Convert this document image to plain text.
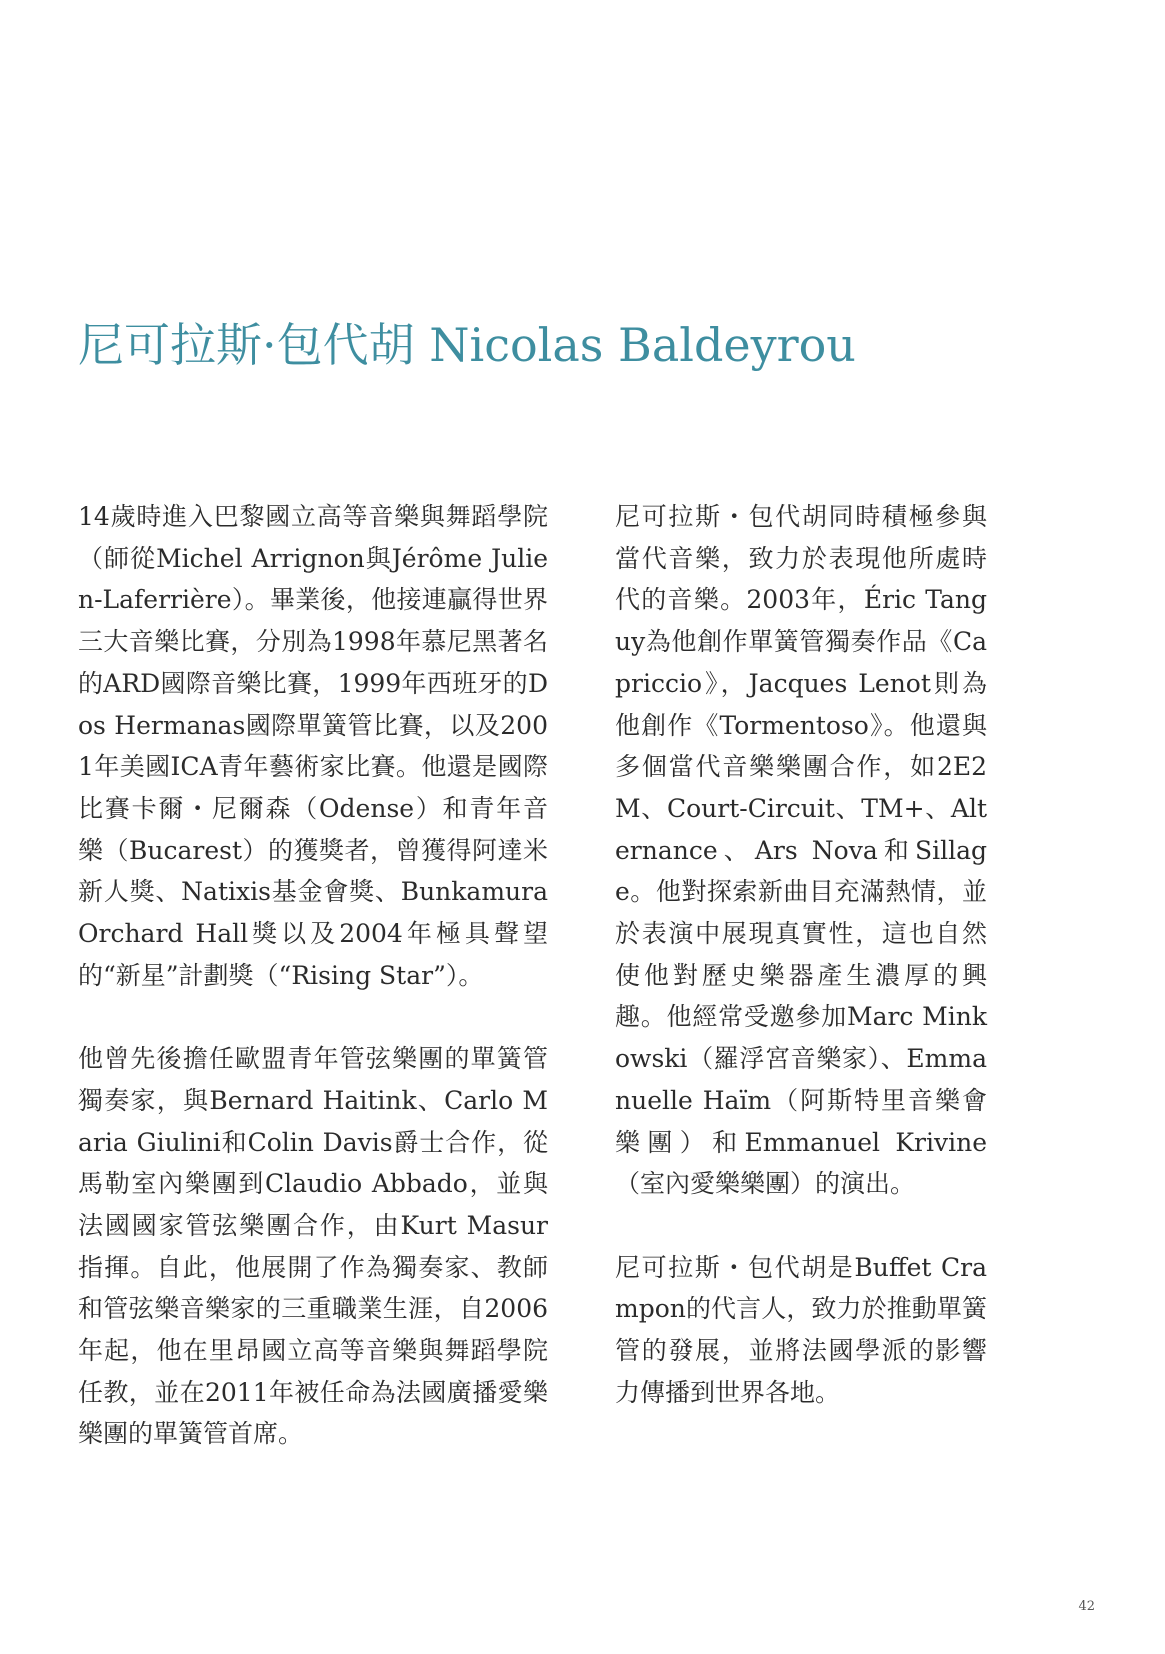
尼可拉斯·包代胡 Nicolas Baldeyrou

14歲時進入巴黎國立高等音樂與舞蹈學院（師從Michel Arrignon與Jérôme Julien-Laferrière）。畢業後，他接連贏得世界三大音樂比賽，分別為1998年慕尼黑著名的ARD國際音樂比賽，1999年西班牙的Dos Hermanas國際單簧管比賽，以及2001年美國ICA青年藝術家比賽。他還是國際比賽卡爾・尼爾森（Odense）和青年音樂（Bucarest）的獲獎者，曾獲得阿達米新人獎、Natixis基金會獎、Bunkamura Orchard Hall獎以及2004年極具聲望的“新星”計劃獎（“Rising Star”）。

他曾先後擔任歐盟青年管弦樂團的單簧管獨奏家，與Bernard Haitink、Carlo Maria Giulini和Colin Davis爵士合作，從馬勒室內樂團到Claudio Abbado，並與法國國家管弦樂團合作，由Kurt Masur指揮。自此，他展開了作為獨奏家、教師和管弦樂音樂家的三重職業生涯，自2006年起，他在里昂國立高等音樂與舞蹈學院任教，並在2011年被任命為法國廣播愛樂樂團的單簧管首席。

尼可拉斯・包代胡同時積極參與當代音樂，致力於表現他所處時代的音樂。2003年，Éric Tanguy為他創作單簧管獨奏作品《Capriccio》，Jacques Lenot則為他創作《Tormentoso》。他還與多個當代音樂樂團合作，如2E2M、Court-Circuit、TM+、Alternance、Ars Nova和Sillage。他對探索新曲目充滿熱情，並於表演中展現真實性，這也自然使他對歷史樂器產生濃厚的興趣。他經常受邀參加Marc Minkowski（羅浮宮音樂家）、Emmanuelle Haïm（阿斯特里音樂會樂團）和Emmanuel Krivine（室內愛樂樂團）的演出。

尼可拉斯・包代胡是Buffet Crampon的代言人，致力於推動單簧管的發展，並將法國學派的影響力傳播到世界各地。

42
